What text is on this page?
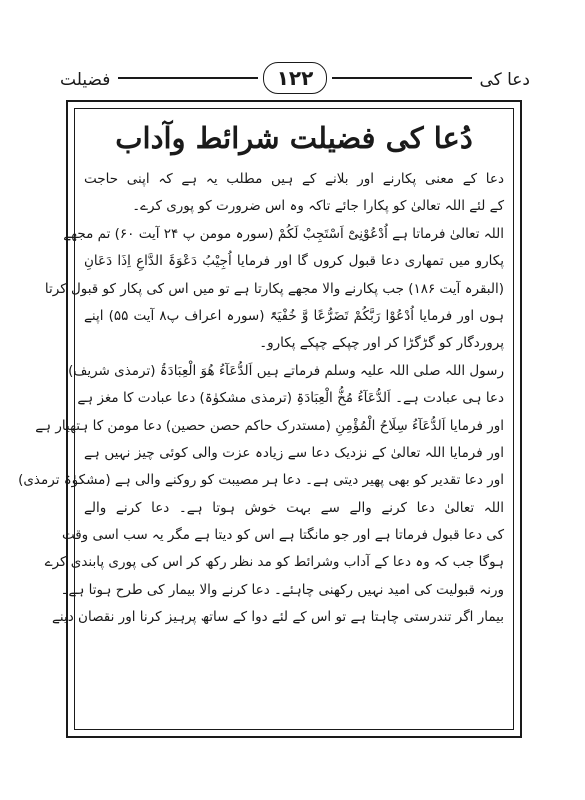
فضیلت	۱۲۲	دعا کی
دُعا کی فضیلت شرائط وآداب
دعا کے معنی پکارنے اور بلانے کے ہیں مطلب یہ ہے کہ اپنی حاجت
کے لئے اللہ تعالیٰ کو پکارا جائے تاکہ وہ اس ضرورت کو پوری کرے۔
اللہ تعالیٰ فرماتا ہے اُدْعُوْنِیْٓ اَسْتَجِبْ لَکُمْ (سورہ مومن پ ۲۴ آیت ۶۰) تم مجھے
پکارو میں تمھاری دعا قبول کروں گا اور فرمایا اُجِیْبُ دَعْوَۃَ الدَّاعِ اِذَا دَعَانِ
(البقرہ آیت ۱۸۶) جب پکارنے والا مجھے پکارتا ہے تو میں اس کی پکار کو قبول کرتا
ہوں اور فرمایا اُدْعُوْا رَبَّکُمْ تَضَرُّعًا وَّ خُفْیَۃً (سورہ اعراف پ۸ آیت ۵۵) اپنے
پروردگار کو گڑگڑا کر اور چپکے چپکے پکارو۔
رسول اللہ صلی اللہ علیہ وسلم فرماتے ہیں اَلدُّعَآءُ ھُوَ الْعِبَادَۃُ (ترمذی شریف)
دعا ہی عبادت ہے۔ اَلدُّعَآءُ مُخُّ الْعِبَادَۃِ (ترمذی مشکوٰۃ) دعا عبادت کا مغز ہے
اور فرمایا اَلدُّعَآءُ سِلَاحُ الْمُؤْمِنِ (مستدرک حاکم حصن حصین) دعا مومن کا ہتھیار ہے
اور فرمایا اللہ تعالیٰ کے نزدیک دعا سے زیادہ عزت والی کوئی چیز نہیں ہے
اور دعا تقدیر کو بھی پھیر دیتی ہے۔ دعا ہر مصیبت کو روکنے والی ہے (مشکوٰۃ ترمذی)
اللہ تعالیٰ دعا کرنے والے سے بہت خوش ہوتا ہے۔ دعا کرنے والے
کی دعا قبول فرماتا ہے اور جو مانگتا ہے اس کو دیتا ہے مگر یہ سب اسی وقت
ہوگا جب کہ وہ دعا کے آداب وشرائط کو مد نظر رکھ کر اس کی پوری پابندی کرے
ورنہ قبولیت کی امید نہیں رکھنی چاہئے۔ دعا کرنے والا بیمار کی طرح ہوتا ہے۔
بیمار اگر تندرستی چاہتا ہے تو اس کے لئے دوا کے ساتھ پرہیز کرنا اور نقصان دینے
